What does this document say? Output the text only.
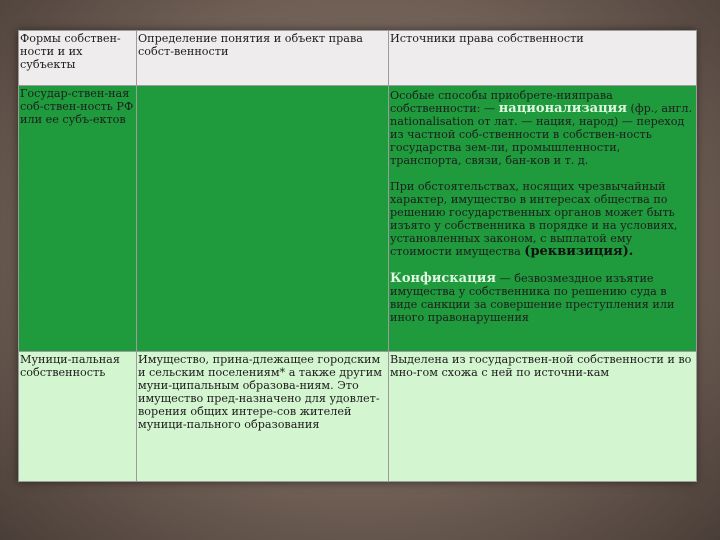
Формы собствен-ности и их субъекты	Определение понятия и объект права собст-венности	Источники права собственности
Государ-ствен-ная соб-ствен-ность РФ или ее субъ-ектов		Особые способы приобрете-нияправа собственности: — национализация (фр., англ. nationalisation от лат. — нация, народ) — переход из частной соб-ственности в собствен-ность государства зем-ли, промышленности, транспорта, связи, бан-ков и т. д.

При обстоятельствах, носящих чрезвычайный характер, имущество в интересах общества по решению государственных органов может быть изъято у собственника в порядке и на условиях, установленных законом, с выплатой ему стоимости имущества (реквизиция).

Конфискация — безвозмездное изъятие имущества у собственника по решению суда в виде санкции за совершение преступления или иного правонарушения

Муници-пальная собственность	Имущество, прина-длежащее городским и сельским поселениям* а также другим муни-ципальным образова-ниям. Это имущество пред-назначено для удовлет-ворения общих интере-сов жителей муници-пального образования	Выделена из государствен-ной собственности и во мно-гом схожа с ней по источни-кам
